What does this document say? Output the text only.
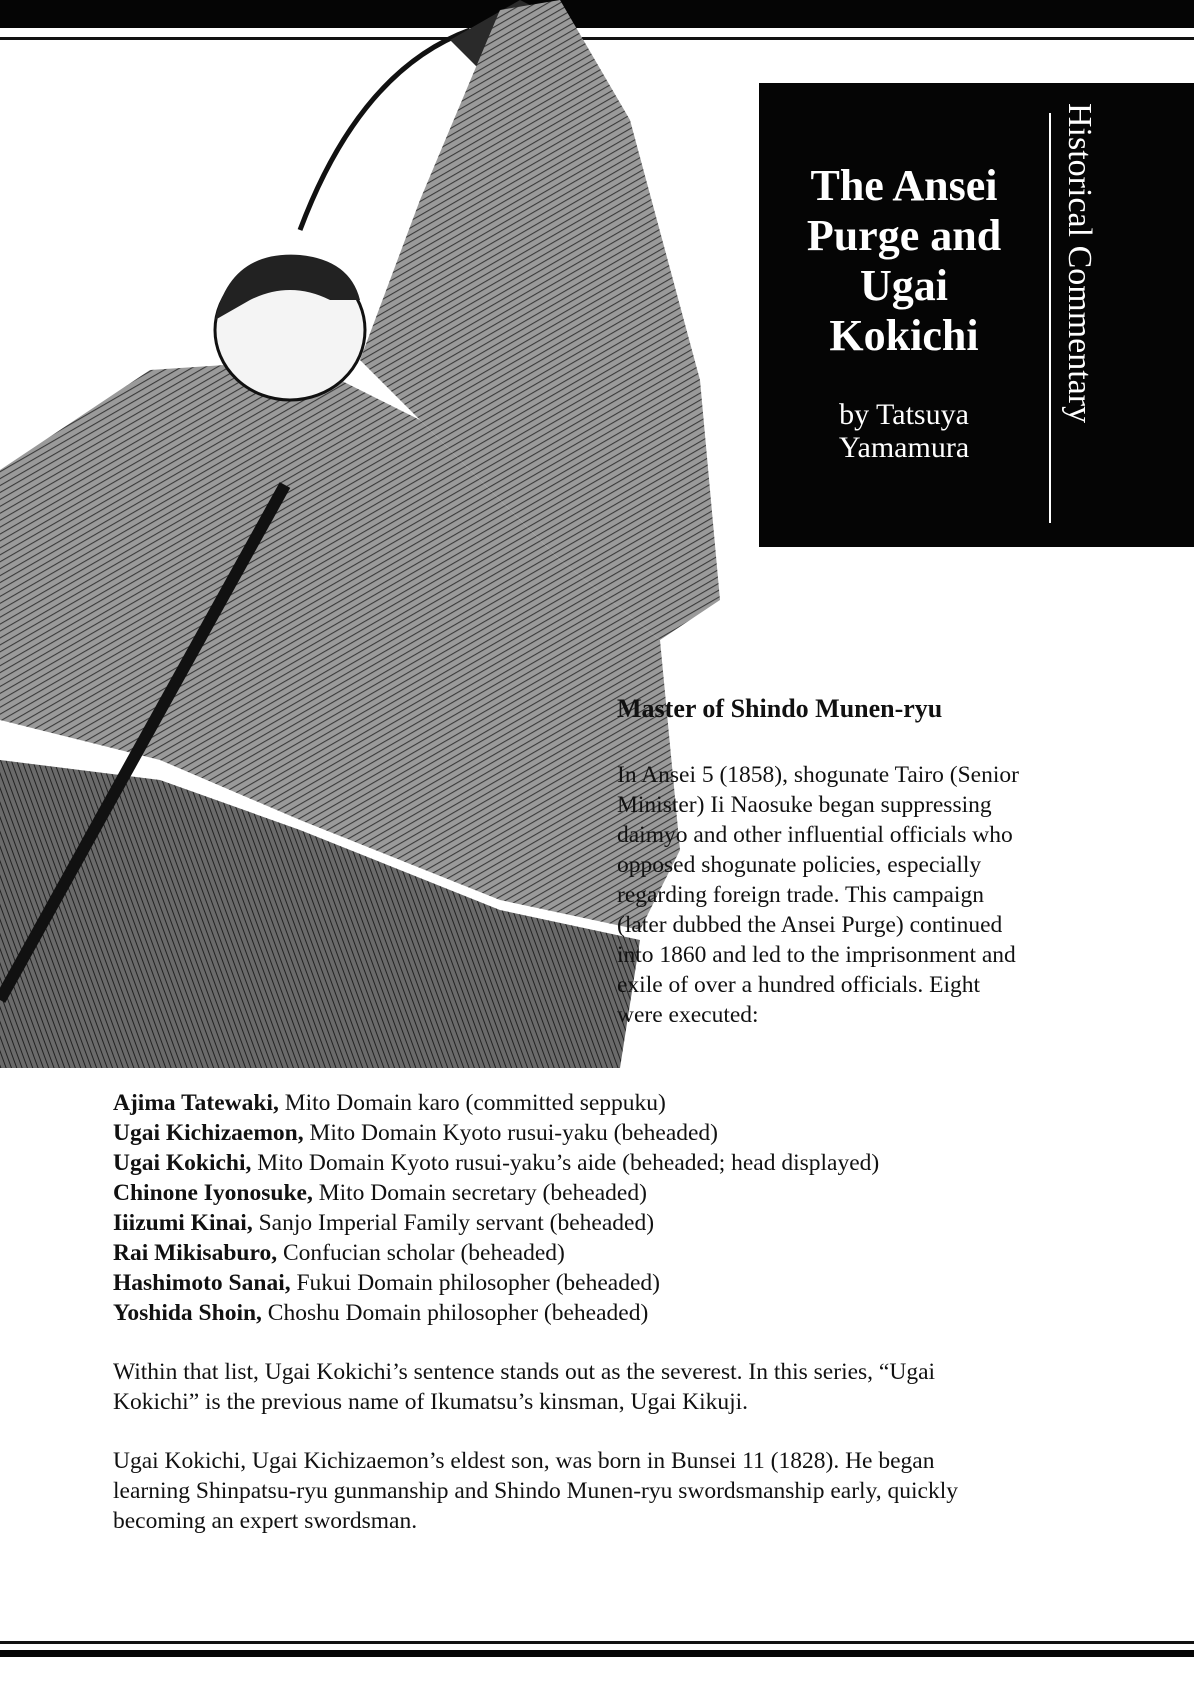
The Ansei
Purge and
Ugai
Kokichi
by Tatsuya
Yamamura
Historical Commentary
Master of Shindo Munen-ryu
In Ansei 5 (1858), shogunate Tairo (Senior
Minister) Ii Naosuke began suppressing
daimyo and other influential officials who
opposed shogunate policies, especially
regarding foreign trade. This campaign
(later dubbed the Ansei Purge) continued
into 1860 and led to the imprisonment and
exile of over a hundred officials. Eight
were executed:
Ajima Tatewaki, Mito Domain karo (committed seppuku)
Ugai Kichizaemon, Mito Domain Kyoto rusui-yaku (beheaded)
Ugai Kokichi, Mito Domain Kyoto rusui-yaku’s aide (beheaded; head displayed)
Chinone Iyonosuke, Mito Domain secretary (beheaded)
Iiizumi Kinai, Sanjo Imperial Family servant (beheaded)
Rai Mikisaburo, Confucian scholar (beheaded)
Hashimoto Sanai, Fukui Domain philosopher (beheaded)
Yoshida Shoin, Choshu Domain philosopher (beheaded)
Within that list, Ugai Kokichi’s sentence stands out as the severest. In this series, “Ugai
Kokichi” is the previous name of Ikumatsu’s kinsman, Ugai Kikuji.
Ugai Kokichi, Ugai Kichizaemon’s eldest son, was born in Bunsei 11 (1828). He began
learning Shinpatsu-ryu gunmanship and Shindo Munen-ryu swordsmanship early, quickly
becoming an expert swordsman.
